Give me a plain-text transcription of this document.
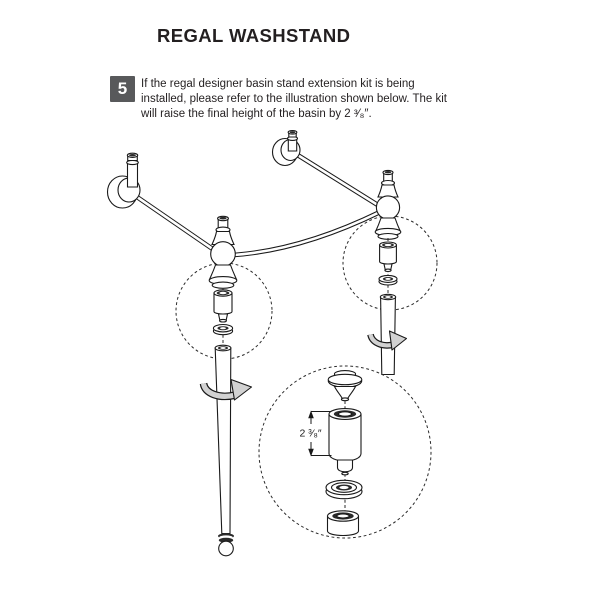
REGAL WASHSTAND
5	If the regal designer basin stand extension kit is being
installed, please refer to the illustration shown below. The kit
will raise the final height of the basin by 2 ³⁄₈″.
2 ³⁄₈″
